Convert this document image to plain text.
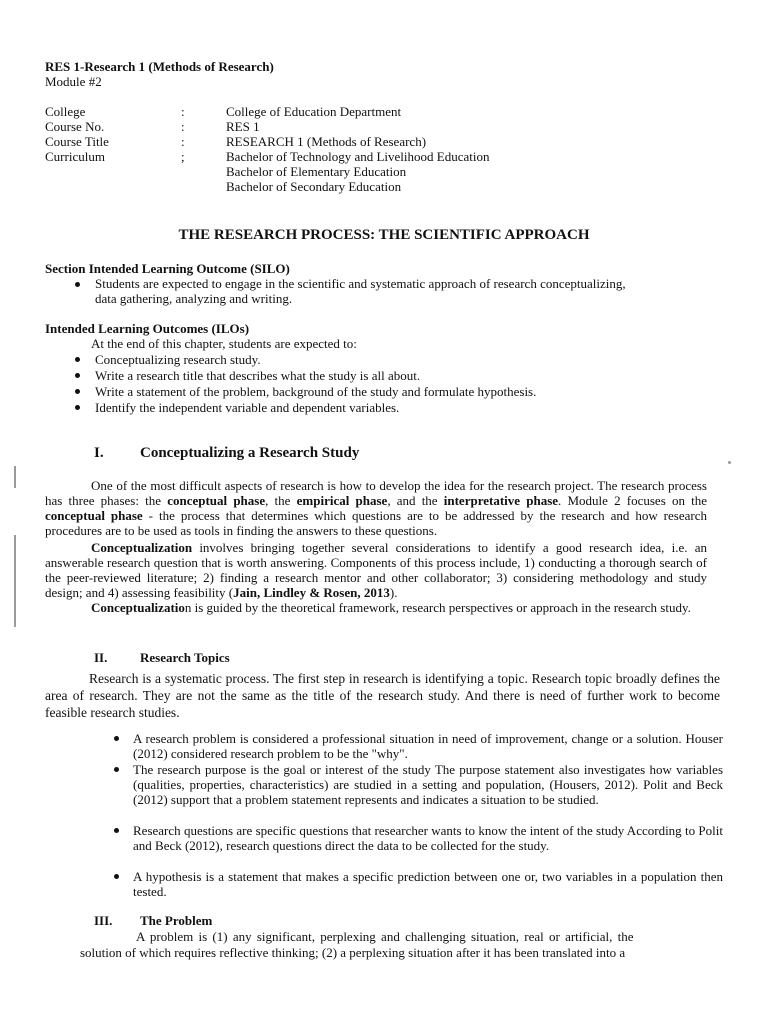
RES 1-Research 1 (Methods of Research)
Module #2
College	:	College of Education Department
Course No.	:	RES 1
Course Title	:	RESEARCH 1 (Methods of Research)
Curriculum	;	Bachelor of Technology and Livelihood Education
Bachelor of Elementary Education
Bachelor of Secondary Education
THE RESEARCH PROCESS: THE SCIENTIFIC APPROACH
Section Intended Learning Outcome (SILO)
Students are expected to engage in the scientific and systematic approach of research conceptualizing,
data gathering, analyzing and writing.
Intended Learning Outcomes (ILOs)
At the end of this chapter, students are expected to:
Conceptualizing research study.
Write a research title that describes what the study is all about.
Write a statement of the problem, background of the study and formulate hypothesis.
Identify the independent variable and dependent variables.
I. Conceptualizing a Research Study
One of the most difficult aspects of research is how to develop the idea for the research project. The research process has three phases: the conceptual phase, the empirical phase, and the interpretative phase. Module 2 focuses on the conceptual phase - the process that determines which questions are to be addressed by the research and how research procedures are to be used as tools in finding the answers to these questions.
Conceptualization involves bringing together several considerations to identify a good research idea, i.e. an answerable research question that is worth answering. Components of this process include, 1) conducting a thorough search of the peer-reviewed literature; 2) finding a research mentor and other collaborator; 3) considering methodology and study design; and 4) assessing feasibility (Jain, Lindley & Rosen, 2013).
Conceptualization is guided by the theoretical framework, research perspectives or approach in the research study.
II.	Research Topics
Research is a systematic process. The first step in research is identifying a topic. Research topic broadly defines the area of research. They are not the same as the title of the research study. And there is need of further work to become feasible research studies.
A research problem is considered a professional situation in need of improvement, change or a solution. Houser (2012) considered research problem to be the "why".
The research purpose is the goal or interest of the study The purpose statement also investigates how variables (qualities, properties, characteristics) are studied in a setting and population, (Housers, 2012). Polit and Beck (2012) support that a problem statement represents and indicates a situation to be studied.
Research questions are specific questions that researcher wants to know the intent of the study According to Polit and Beck (2012), research questions direct the data to be collected for the study.
A hypothesis is a statement that makes a specific prediction between one or, two variables in a population then tested.
III. The Problem
A problem is (1) any significant, perplexing and challenging situation, real or artificial, the
solution of which requires reflective thinking; (2) a perplexing situation after it has been translated into a
